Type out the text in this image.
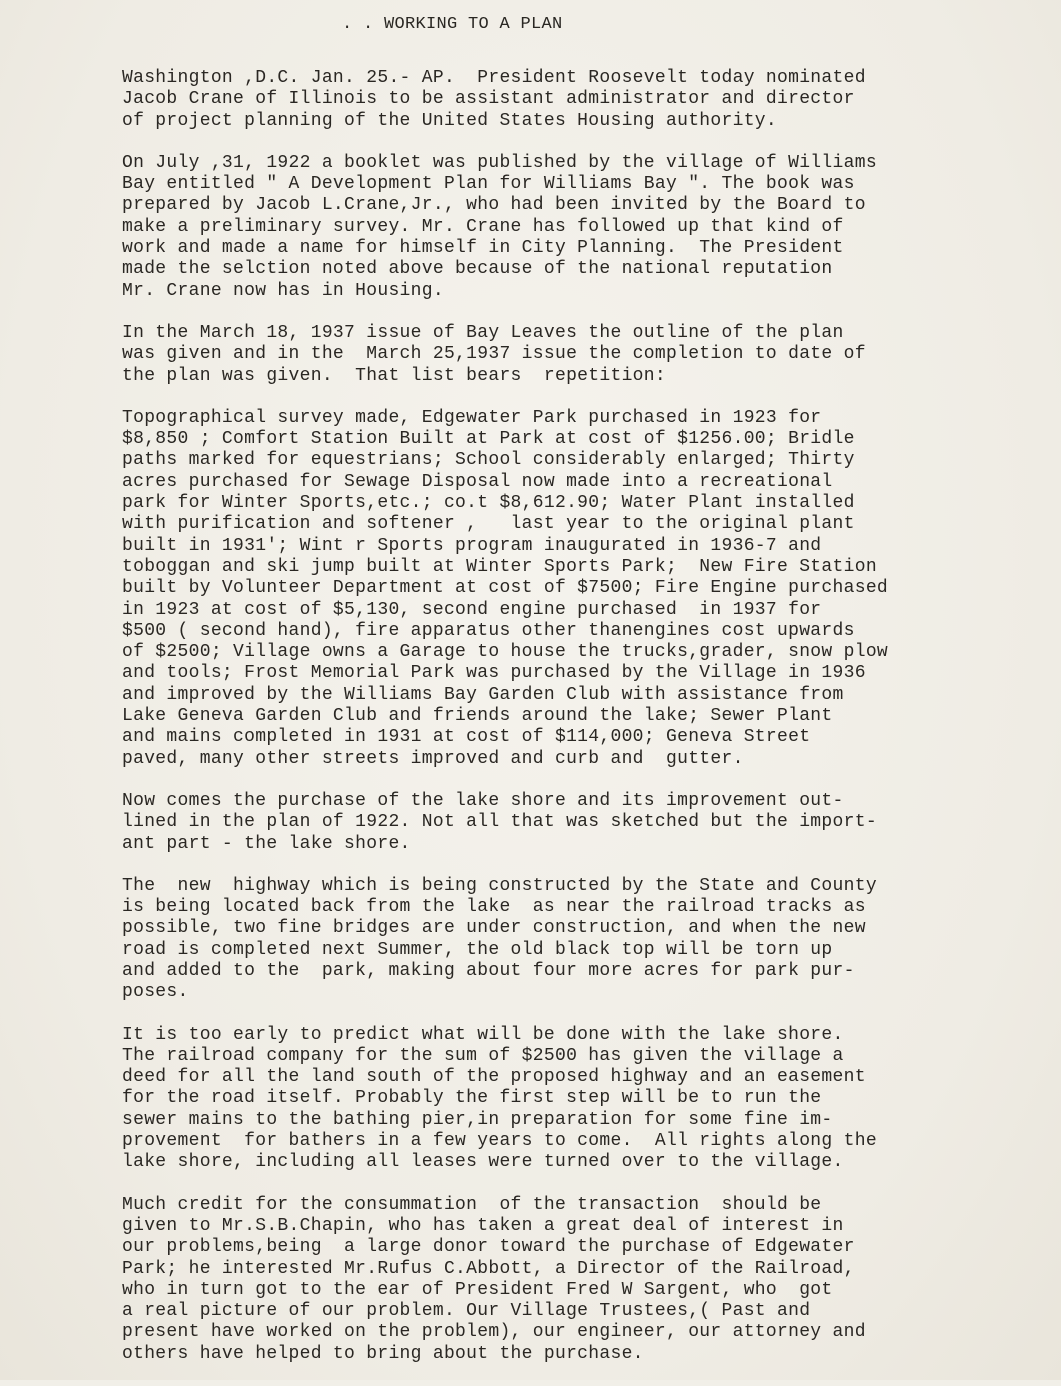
. . WORKING TO A PLAN
Washington ,D.C. Jan. 25.- AP.  President Roosevelt today nominated
Jacob Crane of Illinois to be assistant administrator and director
of project planning of the United States Housing authority.
On July ,31, 1922 a booklet was published by the village of Williams
Bay entitled " A Development Plan for Williams Bay ". The book was
prepared by Jacob L.Crane,Jr., who had been invited by the Board to
make a preliminary survey. Mr. Crane has followed up that kind of
work and made a name for himself in City Planning.  The President
made the selction noted above because of the national reputation
Mr. Crane now has in Housing.
In the March 18, 1937 issue of Bay Leaves the outline of the plan
was given and in the  March 25,1937 issue the completion to date of
the plan was given.  That list bears  repetition:
Topographical survey made, Edgewater Park purchased in 1923 for
$8,850 ; Comfort Station Built at Park at cost of $1256.00; Bridle
paths marked for equestrians; School considerably enlarged; Thirty
acres purchased for Sewage Disposal now made into a recreational
park for Winter Sports,etc.; co.t $8,612.90; Water Plant installed
with purification and softener ,   last year to the original plant
built in 1931'; Wint r Sports program inaugurated in 1936-7 and
toboggan and ski jump built at Winter Sports Park;  New Fire Station
built by Volunteer Department at cost of $7500; Fire Engine purchased
in 1923 at cost of $5,130, second engine purchased  in 1937 for
$500 ( second hand), fire apparatus other thanengines cost upwards
of $2500; Village owns a Garage to house the trucks,grader, snow plow
and tools; Frost Memorial Park was purchased by the Village in 1936
and improved by the Williams Bay Garden Club with assistance from
Lake Geneva Garden Club and friends around the lake; Sewer Plant
and mains completed in 1931 at cost of $114,000; Geneva Street
paved, many other streets improved and curb and  gutter.
Now comes the purchase of the lake shore and its improvement out-
lined in the plan of 1922. Not all that was sketched but the import-
ant part - the lake shore.
The  new  highway which is being constructed by the State and County
is being located back from the lake  as near the railroad tracks as
possible, two fine bridges are under construction, and when the new
road is completed next Summer, the old black top will be torn up
and added to the  park, making about four more acres for park pur-
poses.
It is too early to predict what will be done with the lake shore.
The railroad company for the sum of $2500 has given the village a
deed for all the land south of the proposed highway and an easement
for the road itself. Probably the first step will be to run the
sewer mains to the bathing pier,in preparation for some fine im-
provement  for bathers in a few years to come.  All rights along the
lake shore, including all leases were turned over to the village.
Much credit for the consummation  of the transaction  should be
given to Mr.S.B.Chapin, who has taken a great deal of interest in
our problems,being  a large donor toward the purchase of Edgewater
Park; he interested Mr.Rufus C.Abbott, a Director of the Railroad,
who in turn got to the ear of President Fred W Sargent, who  got
a real picture of our problem. Our Village Trustees,( Past and
present have worked on the problem), our engineer, our attorney and
others have helped to bring about the purchase.
